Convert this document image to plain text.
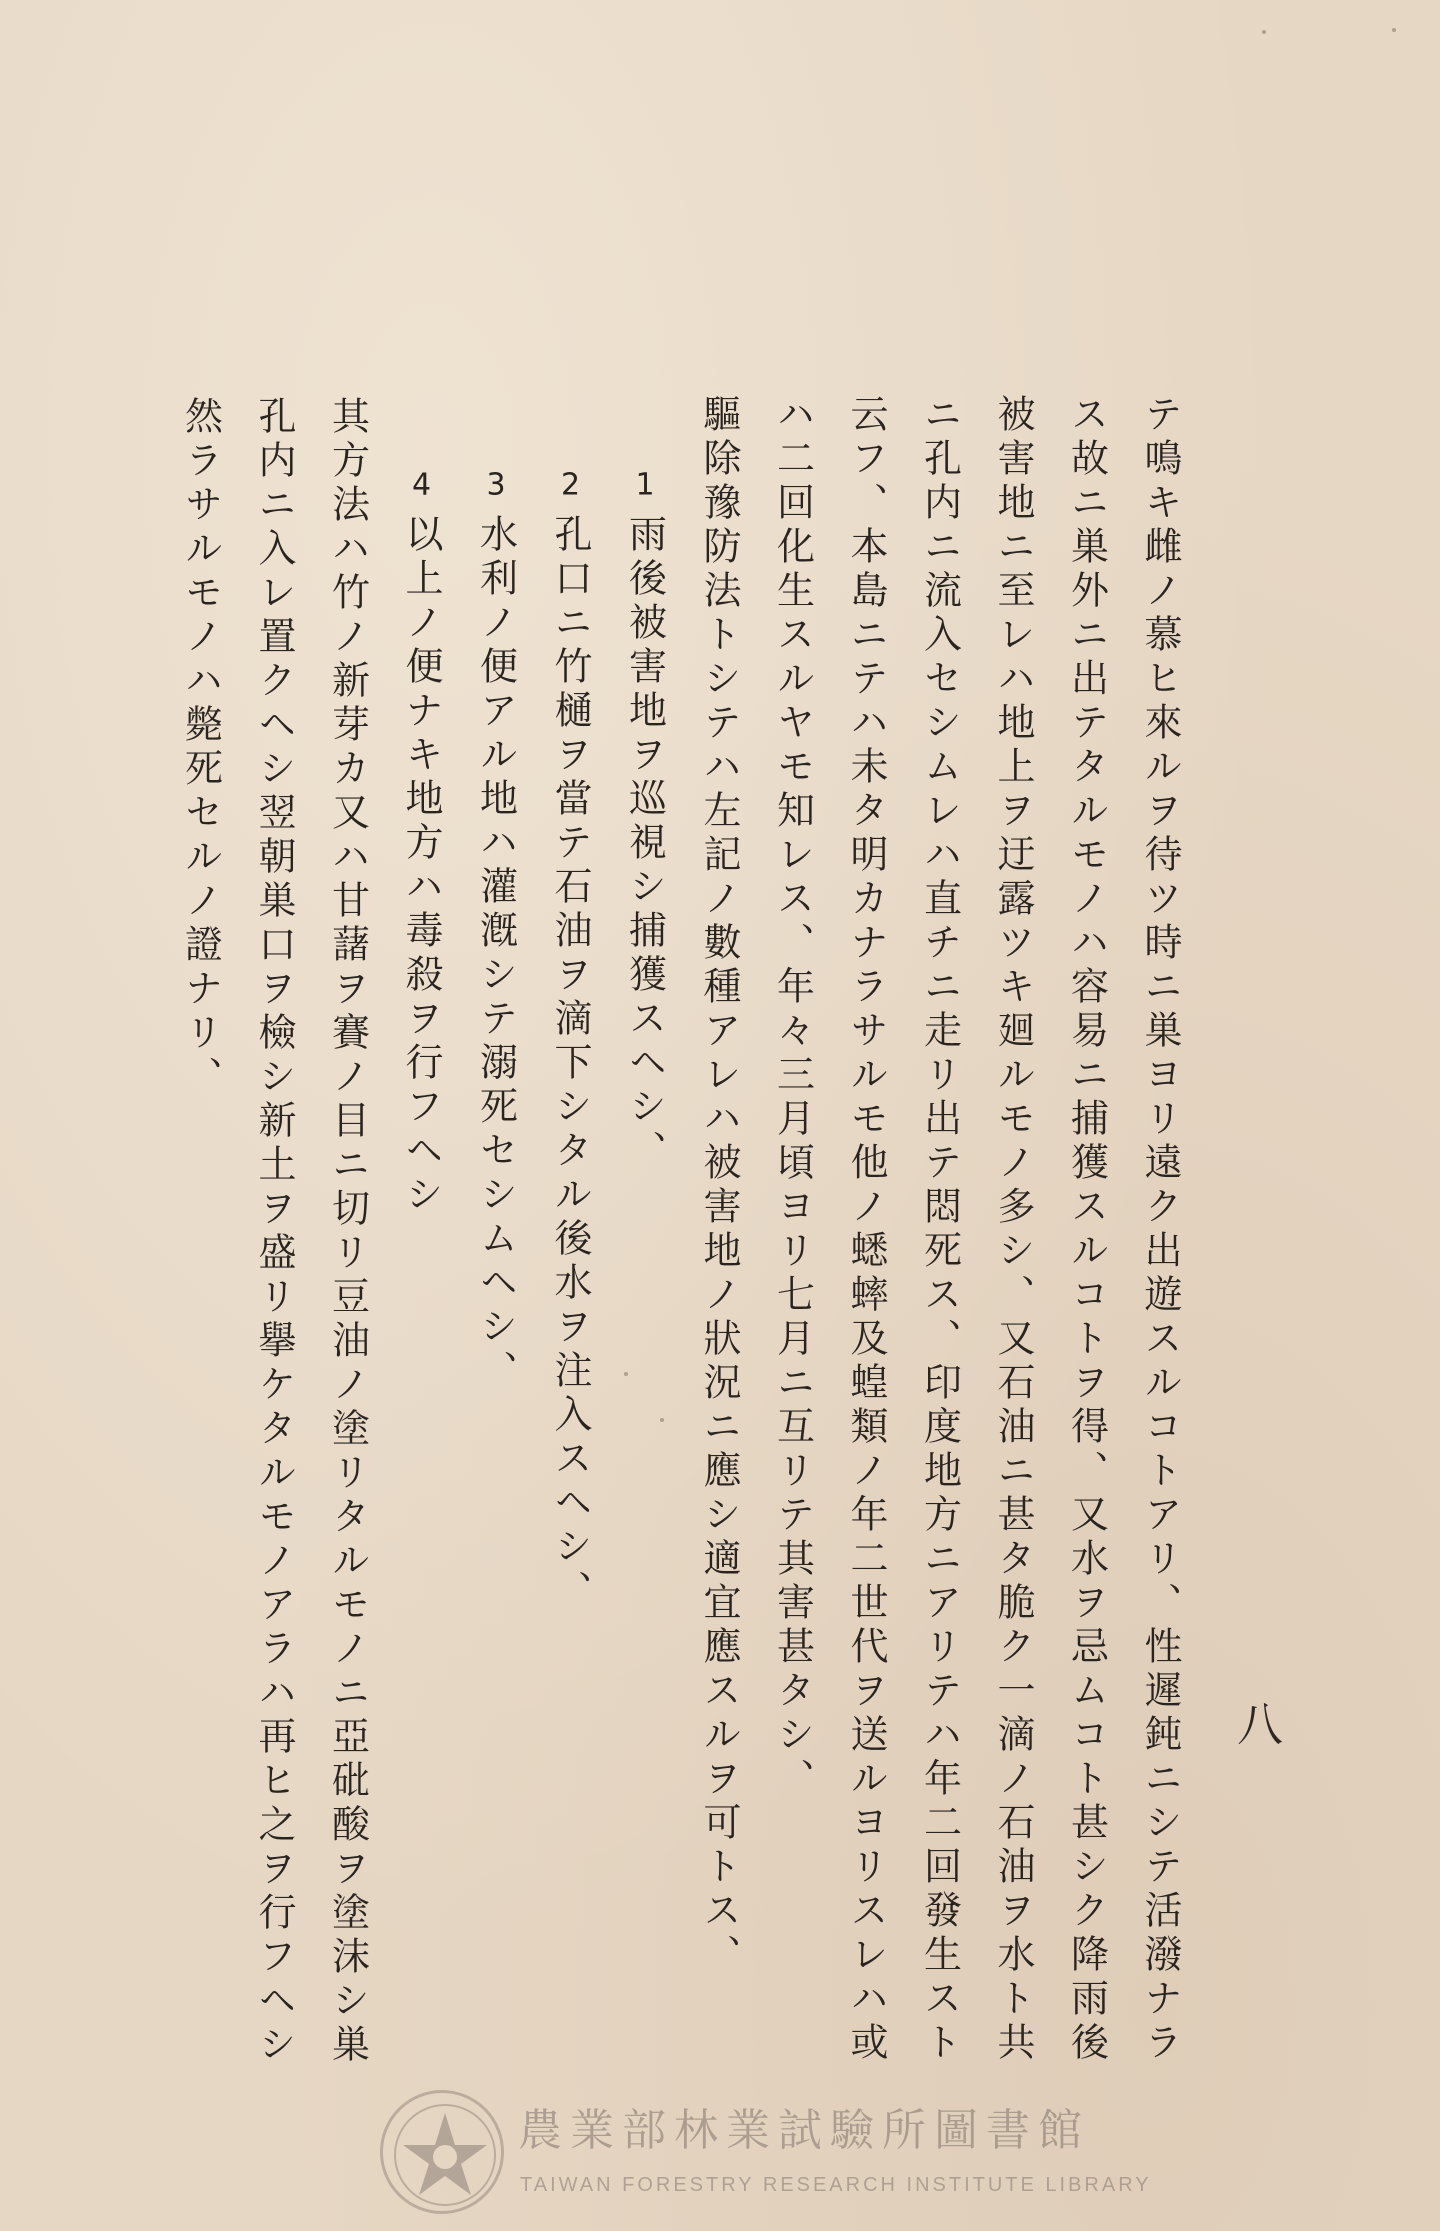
八

テ鳴キ雌ノ慕ヒ來ルヲ待ツ時ニ巣ヨリ遠ク出遊スルコトアリ、性遲鈍ニシテ活潑ナラス故ニ巣外ニ出テタルモノハ容易ニ捕獲スルコトヲ得、又水ヲ忌ムコト甚シク降雨後被害地ニ至レハ地上ヲ迂露ツキ廻ルモノ多シ、又石油ニ甚タ脆ク一滴ノ石油ヲ水ト共ニ孔内ニ流入セシムレハ直チニ走リ出テ悶死ス、印度地方ニアリテハ年二回發生スト云フ、本島ニテハ未タ明カナラサルモ他ノ蟋蟀及蝗類ノ年二世代ヲ送ルヨリスレハ或ハ二回化生スルヤモ知レス、年々三月頃ヨリ七月ニ互リテ其害甚タシ、

驅除豫防法トシテハ左記ノ數種アレハ被害地ノ狀況ニ應シ適宜應スルヲ可トス、

1雨後被害地ヲ巡視シ捕獲スヘシ、

2孔口ニ竹樋ヲ當テ石油ヲ滴下シタル後水ヲ注入スヘシ、

3水利ノ便アル地ハ灌漑シテ溺死セシムヘシ、

4以上ノ便ナキ地方ハ毒殺ヲ行フヘシ

其方法ハ竹ノ新芽カ又ハ甘藷ヲ賽ノ目ニ切リ豆油ノ塗リタルモノニ亞砒酸ヲ塗沫シ巣孔内ニ入レ置クヘシ翌朝巣口ヲ檢シ新土ヲ盛リ擧ケタルモノアラハ再ヒ之ヲ行フヘシ然ラサルモノハ斃死セルノ證ナリ、

農業部林業試驗所圖書館
TAIWAN FORESTRY RESEARCH INSTITUTE LIBRARY
